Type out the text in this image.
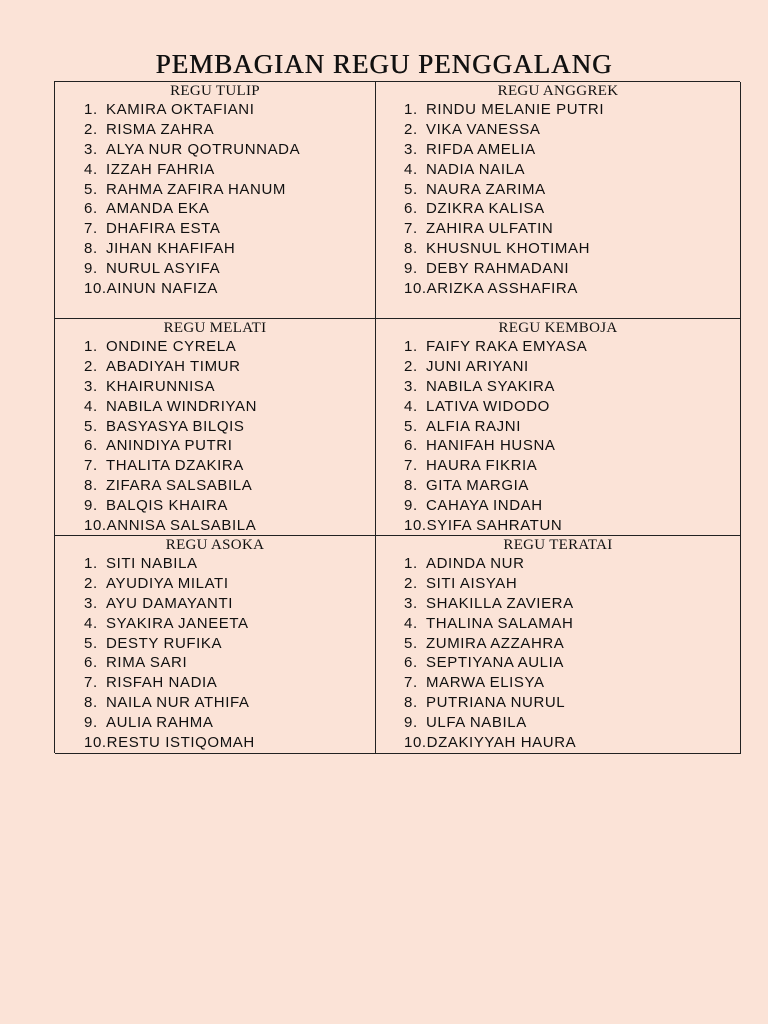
PEMBAGIAN REGU PENGGALANG
REGU TULIP
1. KAMIRA OKTAFIANI
2. RISMA ZAHRA
3. ALYA NUR QOTRUNNADA
4. IZZAH FAHRIA
5. RAHMA ZAFIRA HANUM
6. AMANDA EKA
7. DHAFIRA ESTA
8. JIHAN KHAFIFAH
9. NURUL ASYIFA
10.AINUN NAFIZA
REGU ANGGREK
1. RINDU MELANIE PUTRI
2. VIKA VANESSA
3. RIFDA AMELIA
4. NADIA NAILA
5. NAURA ZARIMA
6. DZIKRA KALISA
7. ZAHIRA ULFATIN
8. KHUSNUL KHOTIMAH
9. DEBY RAHMADANI
10.ARIZKA ASSHAFIRA
REGU MELATI
1. ONDINE CYRELA
2. ABADIYAH TIMUR
3. KHAIRUNNISA
4. NABILA WINDRIYAN
5. BASYASYA BILQIS
6. ANINDIYA PUTRI
7. THALITA DZAKIRA
8. ZIFARA SALSABILA
9. BALQIS KHAIRA
10.ANNISA SALSABILA
REGU KEMBOJA
1. FAIFY RAKA EMYASA
2. JUNI ARIYANI
3. NABILA SYAKIRA
4. LATIVA WIDODO
5. ALFIA RAJNI
6. HANIFAH HUSNA
7. HAURA FIKRIA
8. GITA MARGIA
9. CAHAYA INDAH
10.SYIFA SAHRATUN
REGU ASOKA
1. SITI NABILA
2. AYUDIYA MILATI
3. AYU DAMAYANTI
4. SYAKIRA JANEETA
5. DESTY RUFIKA
6. RIMA SARI
7. RISFAH NADIA
8. NAILA NUR ATHIFA
9. AULIA RAHMA
10.RESTU ISTIQOMAH
REGU TERATAI
1. ADINDA NUR
2. SITI AISYAH
3. SHAKILLA ZAVIERA
4. THALINA SALAMAH
5. ZUMIRA AZZAHRA
6. SEPTIYANA AULIA
7. MARWA ELISYA
8. PUTRIANA NURUL
9. ULFA NABILA
10.DZAKIYYAH HAURA
